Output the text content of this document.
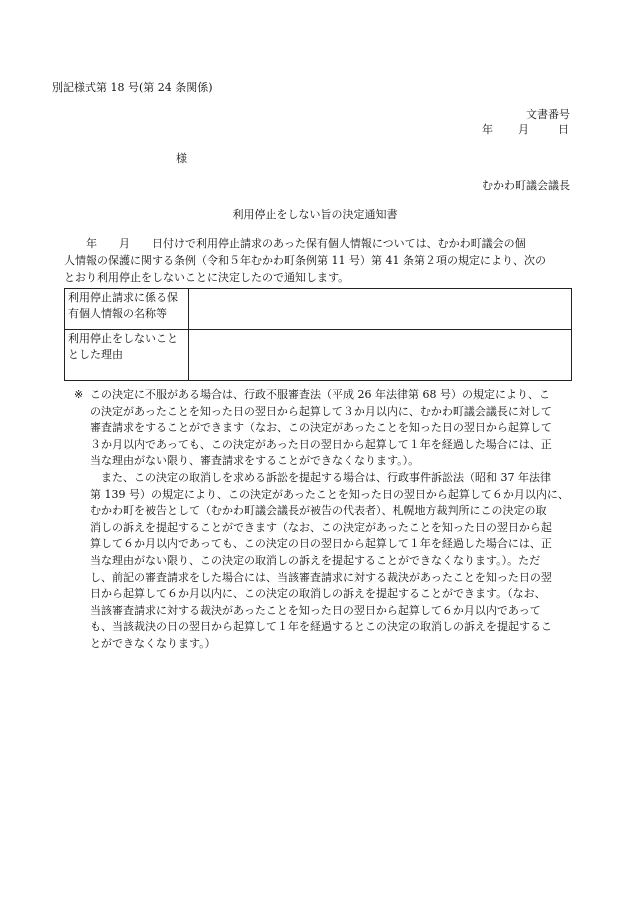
別記様式第 18 号(第 24 条関係)
文書番号
年 月	日
様
むかわ町議会議長
利用停止をしない旨の決定通知書
　　年　　月　　日付けで利用停止請求のあった保有個人情報については、むかわ町議会の個
人情報の保護に関する条例（令和５年むかわ町条例第 11 号）第 41 条第２項の規定により、次の
とおり利用停止をしないことに決定したので通知します。
利用停止請求に係る保有個人情報の名称等	
利用停止をしないこととした理由	
※ この決定に不服がある場合は、行政不服審査法（平成 26 年法律第 68 号）の規定により、こ
の決定があったことを知った日の翌日から起算して３か月以内に、むかわ町議会議長に対して
審査請求をすることができます（なお、この決定があったことを知った日の翌日から起算して
３か月以内であっても、この決定があった日の翌日から起算して１年を経過した場合には、正
当な理由がない限り、審査請求をすることができなくなります。）。
　また、この決定の取消しを求める訴訟を提起する場合は、行政事件訴訟法（昭和 37 年法律
第 139 号）の規定により、この決定があったことを知った日の翌日から起算して６か月以内に、
むかわ町を被告として（むかわ町議会議長が被告の代表者）、札幌地方裁判所にこの決定の取
消しの訴えを提起することができます（なお、この決定があったことを知った日の翌日から起
算して６か月以内であっても、この決定の日の翌日から起算して１年を経過した場合には、正
当な理由がない限り、この決定の取消しの訴えを提起することができなくなります。）。ただ
し、前記の審査請求をした場合には、当該審査請求に対する裁決があったことを知った日の翌
日から起算して６か月以内に、この決定の取消しの訴えを提起することができます。（なお、
当該審査請求に対する裁決があったことを知った日の翌日から起算して６か月以内であって
も、当該裁決の日の翌日から起算して１年を経過するとこの決定の取消しの訴えを提起するこ
とができなくなります。）
